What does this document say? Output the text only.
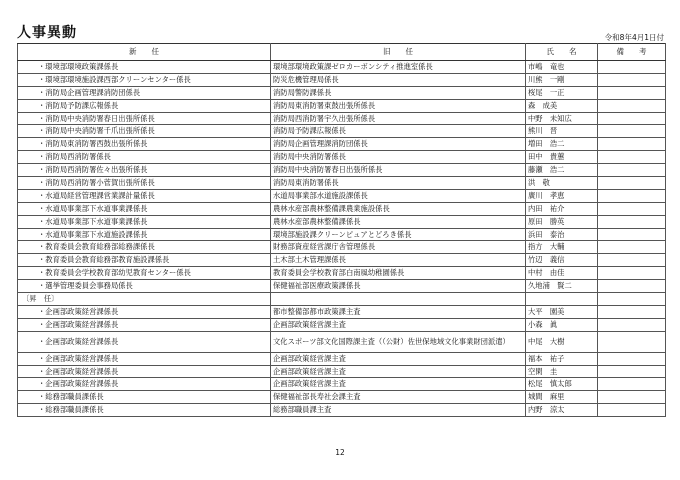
人事異動	令和8年4月1日付
新　　任	旧　　任	氏　　名	備　　考
・環境部環境政策課係長	環境部環境政策課ゼロカーボンシティ推進室係長	市嶋　竜也	
・環境部環境施設課西部クリーンセンター係長	防災危機管理局係長	川熊　一剛	
・消防局企画管理課消防団係長	消防局警防課係長	桜尾　一正	
・消防局予防課広報係長	消防局東消防署東鼓出張所係長	森　成美	
・消防局中央消防署春日出張所係長	消防局西消防署宇久出張所係長	中野　未知広	
・消防局中央消防署千爪出張所係長	消防局予防課広報係長	熊川　晋	
・消防局東消防署西鼓出張所係長	消防局企画管理課消防団係長	増田　浩二	
・消防局西消防署係長	消防局中央消防署係長	田中　貴蕙	
・消防局西消防署佐々出張所係長	消防局中央消防署春日出張所係長	藤瀬　浩二	
・消防局西消防署小菅賀出張所係長	消防局東消防署係長	洪　敬	
・水道局経営管理課営業課計量係長	水道局事業部水道施設課係長	廣川　孝恵	
・水道局事業部下水道事業課係長	農林水産部農林整備課農業施設係長	内田　祐介	
・水道局事業部下水道事業課係長	農林水産部農林整備課係長	原田　勝英	
・水道局事業部下水道施設課係長	環境部施設課クリーンピュアとどろき係長	浜田　泰治	
・教育委員会教育総務部総務課係長	財務部資産経営課庁舎管理係長	指方　大輔	
・教育委員会教育総務部教育施設課係長	土木部土木管理課係長	竹辺　義信	
・教育委員会学校教育部幼児教育センター係長	教育委員会学校教育部白南風幼稚園係長	中村　由佳	
・選挙管理委員会事務局係長	保健福祉部医療政策課係長	久地浦　賢二	
〔昇　任〕			
・企画部政策経営課係長	都市整備部都市政策課主査	大平　園美	
・企画部政策経営課係長	企画部政策経営課主査	小森　眞	
・企画部政策経営課係長	文化スポーツ部文化国際課主査（（公財）佐世保地域文化事業財団派遣）	中尾　大樹	
・企画部政策経営課係長	企画部政策経営課主査	福本　祐子	
・企画部政策経営課係長	企画部政策経営課主査	空閑　圭	
・企画部政策経営課係長	企画部政策経営課主査	松尾　慎太郎	
・総務部職員課係長	保健福祉部長寿社会課主査	城間　麻里	
・総務部職員課係長	総務部職員課主査	内野　涼太	
12
